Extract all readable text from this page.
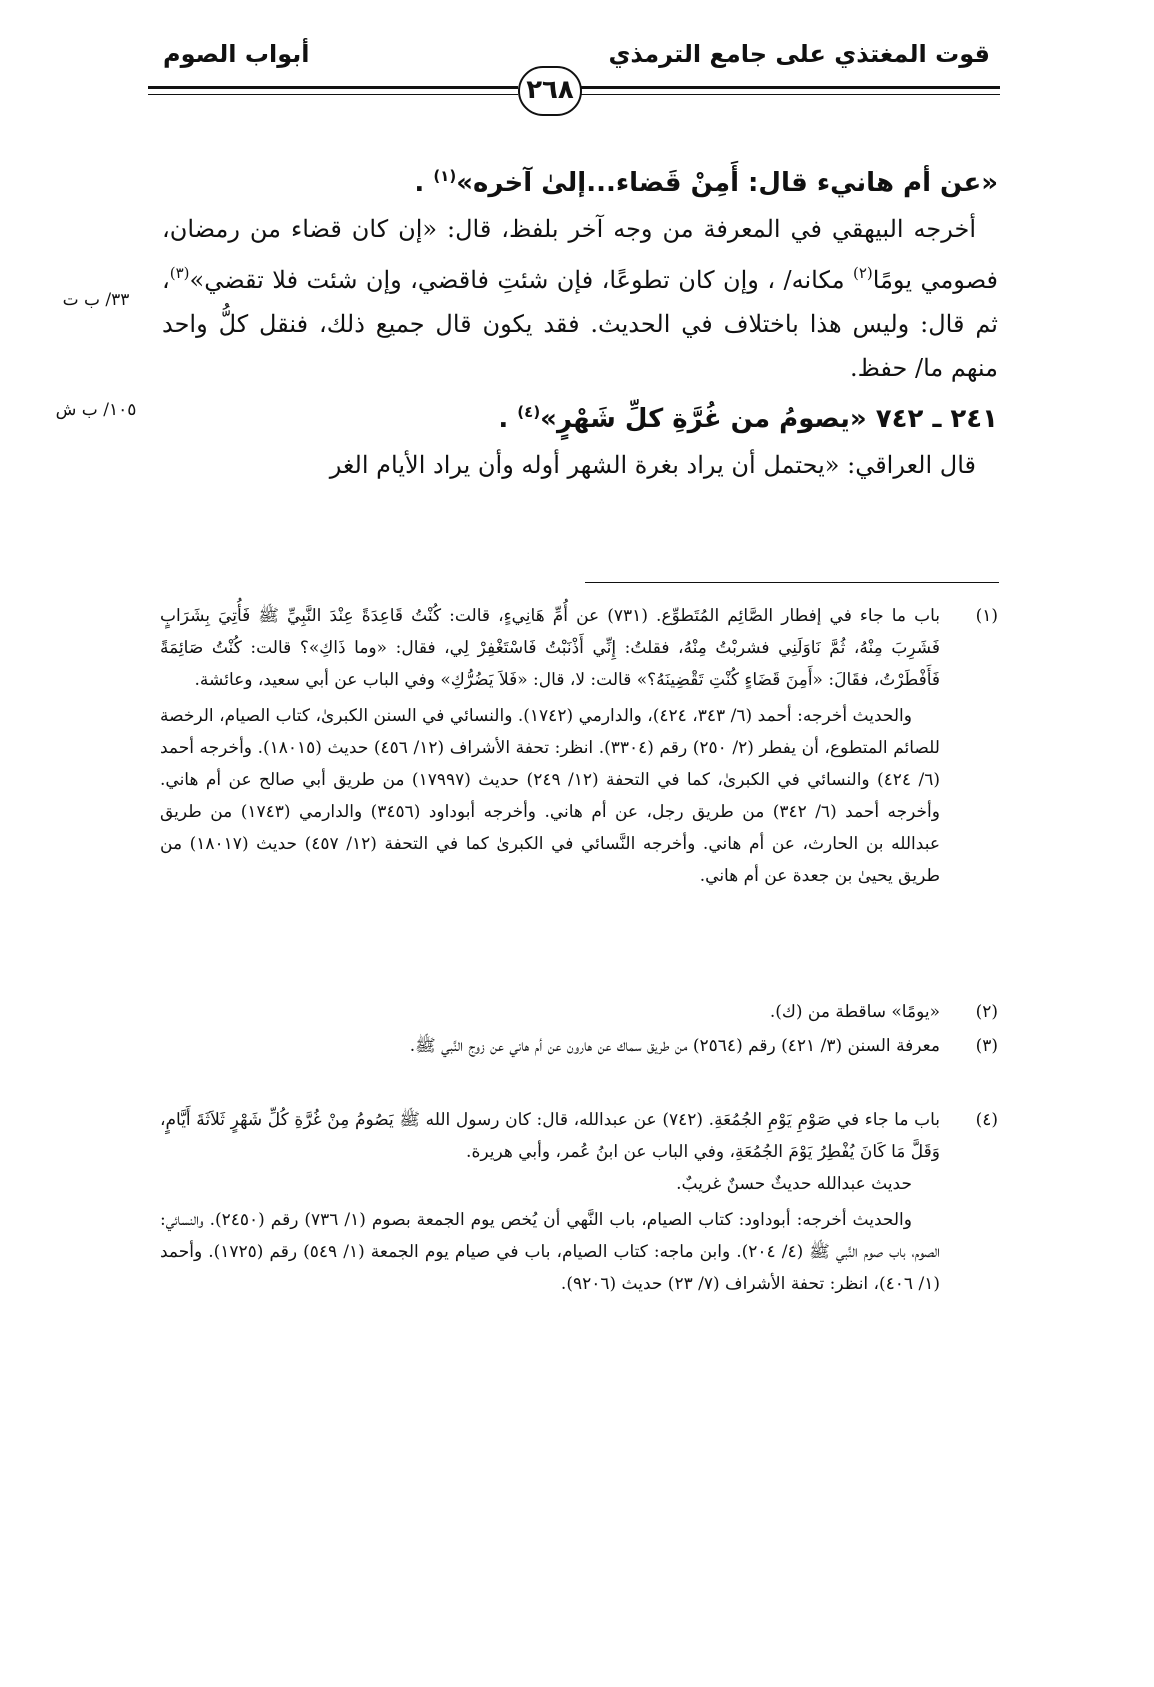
قوت المغتذي على جامع الترمذي
أبواب الصوم
٢٦٨
«عن أم هانيء قال: أَمِنْ قَضاء...إلىٰ آخره»$^{(١)}$ .
أخرجه البيهقي في المعرفة من وجه آخر بلفظ، قال: «إن كان قضاء من رمضان، فصومي يومًا$^{(٢)}$ مكانه/ ، وإن كان تطوعًا، فإن شئتِ فاقضي، وإن شئت فلا تقضي»$^{(٣)}$، ثم قال: وليس هذا باختلاف في الحديث. فقد يكون قال جميع ذلك، فنقل كلُّ واحد منهم ما/ حفظ.
٢٤١ ـ ٧٤٢ «يصومُ من غُرَّةِ كلِّ شَهْرٍ»$^{(٤)}$ .
قال العراقي: «يحتمل أن يراد بغرة الشهر أوله وأن يراد الأيام الغر
٣٣/ ب ت
١٠٥/ ب ش
(١)
باب ما جاء في إفطار الصَّائِم المُتَطوِّع. (٧٣١) عن أُمِّ هَانِيءٍ، قالت: كُنْتُ قَاعِدَةً عِنْدَ النَّبِيِّ ﷺ فَأُتِيَ بِشَرَابٍ فَشَرِبَ مِنْهُ، ثُمَّ نَاوَلَنِي فشربْتُ مِنْهُ، فقلتُ: إِنِّي أَذْنَبْتُ فَاسْتَغْفِرْ لِي، فقال: «وما ذَاكِ»؟ قالت: كُنْتُ صَائِمَةً فَأَفْطَرْتُ، فقَالَ: «أَمِنَ قَضَاءٍ كُنْتِ تَقْضِينَهُ؟» قالت: لا، قال: «فَلاَ يَضُرُّكِ» وفي الباب عن أبي سعيد، وعائشة.
والحديث أخرجه: أحمد (٦/ ٣٤٣، ٤٢٤)، والدارمي (١٧٤٢). والنسائي في السنن الكبرىٰ، كتاب الصيام، الرخصة للصائم المتطوع، أن يفطر (٢/ ٢٥٠) رقم (٣٣٠٤). انظر: تحفة الأشراف (١٢/ ٤٥٦) حديث (١٨٠١٥). وأخرجه أحمد (٦/ ٤٢٤) والنسائي في الكبرىٰ، كما في التحفة (١٢/ ٢٤٩) حديث (١٧٩٩٧) من طريق أبي صالح عن أم هاني. وأخرجه أحمد (٦/ ٣٤٢) من طريق رجل، عن أم هاني. وأخرجه أبوداود (٣٤٥٦) والدارمي (١٧٤٣) من طريق عبدالله بن الحارث، عن أم هاني. وأخرجه النَّسائي في الكبرىٰ كما في التحفة (١٢/ ٤٥٧) حديث (١٨٠١٧) من طريق يحيىٰ بن جعدة عن أم هاني.
(٢)
«يومًا» ساقطة من (ك).
(٣)
معرفة السنن (٣/ ٤٢١) رقم (٢٥٦٤) من طريق سماك عن هارون عن أم هاني عن زوج النَّبي ﷺ.
(٤)
باب ما جاء في صَوْمِ يَوْمِ الجُمُعَةِ. (٧٤٢) عن عبدالله، قال: كان رسول الله ﷺ يَصُومُ مِنْ غُرَّةِ كُلِّ شَهْرٍ ثَلاَثَةَ أَيَّامٍ، وَقَلَّ مَا كَانَ يُفْطِرُ يَوْمَ الجُمُعَةِ، وفي الباب عن ابنُ عُمر، وأبي هريرة.
حديث عبدالله حديثٌ حسنٌ غريبٌ.
والحديث أخرجه: أبوداود: كتاب الصيام، باب النَّهي أن يُخص يوم الجمعة بصوم (١/ ٧٣٦) رقم (٢٤٥٠). والنسائي: الصوم، باب صوم النَّبي ﷺ (٤/ ٢٠٤). وابن ماجه: كتاب الصيام، باب في صيام يوم الجمعة (١/ ٥٤٩) رقم (١٧٢٥). وأحمد (١/ ٤٠٦)، انظر: تحفة الأشراف (٧/ ٢٣) حديث (٩٢٠٦).
